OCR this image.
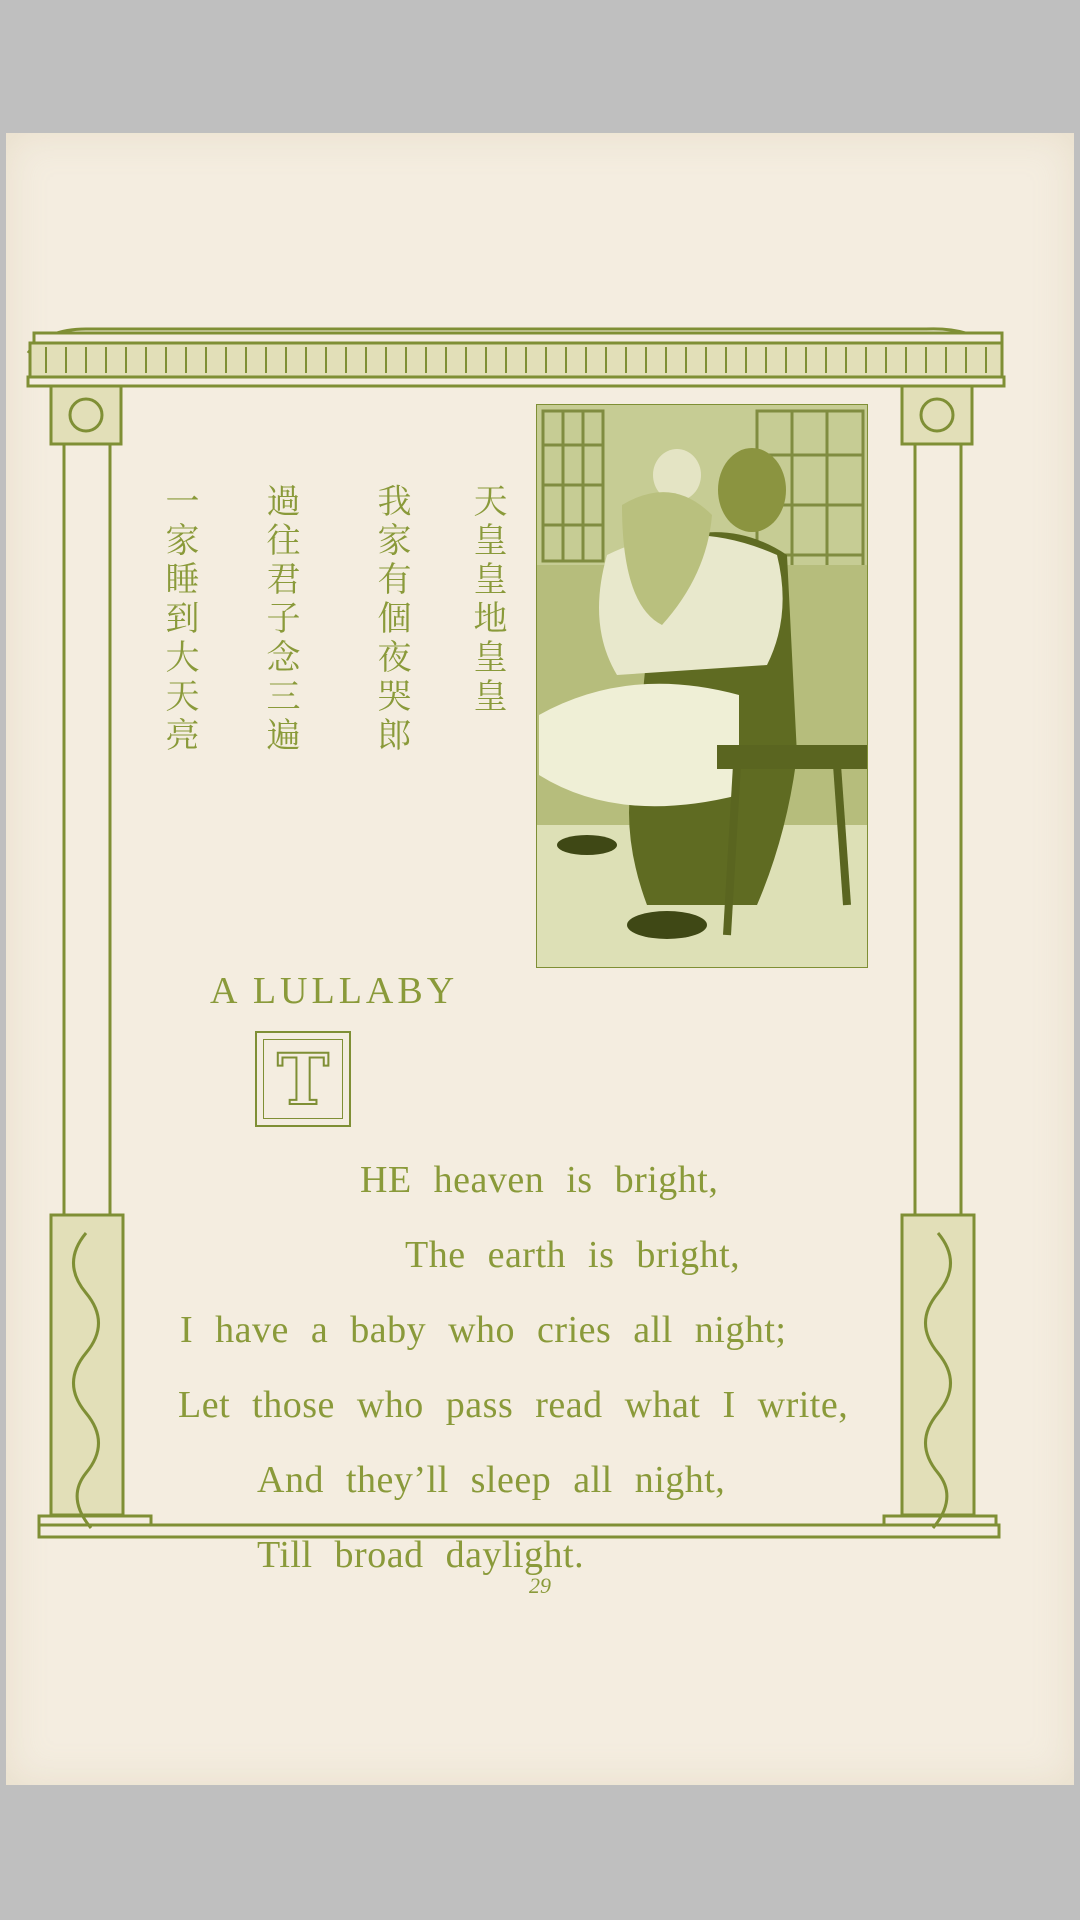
天皇皇地皇皇
我家有個夜哭郎
過往君子念三遍
一家睡到大天亮
A LULLABY
T
HE heaven is bright,
The earth is bright,
I have a baby who cries all night;
Let those who pass read what I write,
And they’ll sleep all night,
Till broad daylight.
29
